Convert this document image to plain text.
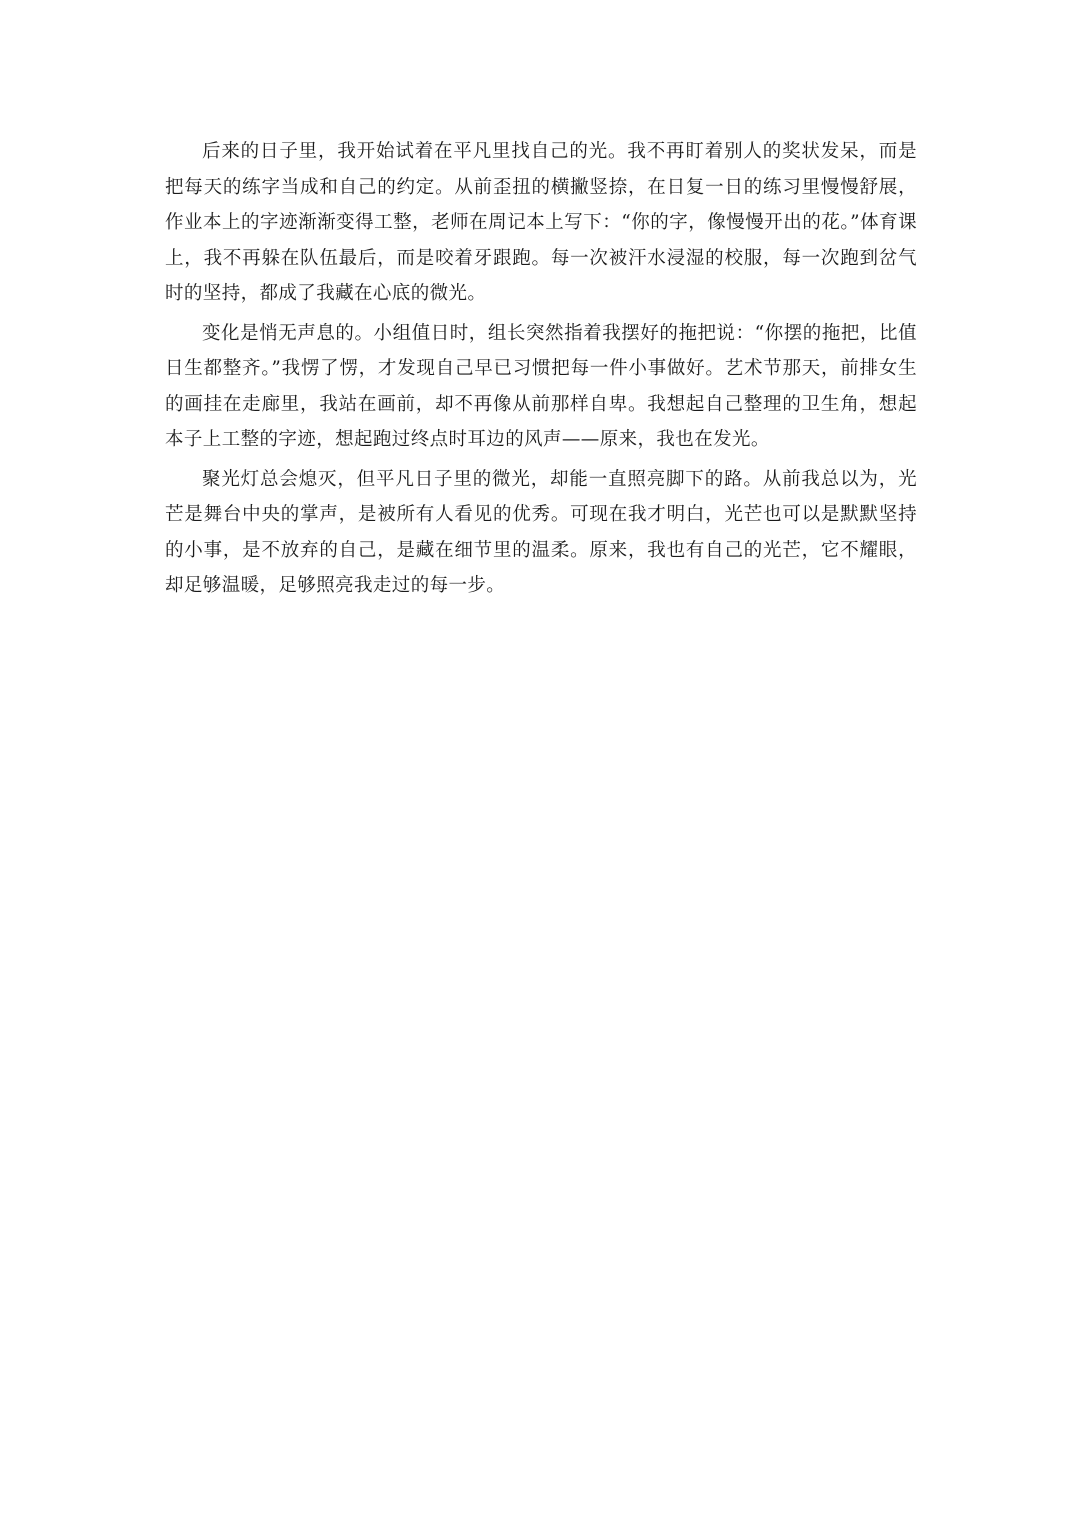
后来的日子里，我开始试着在平凡里找自己的光。我不再盯着别人的奖状发呆，而是把每天的练字当成和自己的约定。从前歪扭的横撇竖捺，在日复一日的练习里慢慢舒展，作业本上的字迹渐渐变得工整，老师在周记本上写下：“你的字，像慢慢开出的花。”体育课上，我不再躲在队伍最后，而是咬着牙跟跑。每一次被汗水浸湿的校服，每一次跑到岔气时的坚持，都成了我藏在心底的微光。

变化是悄无声息的。小组值日时，组长突然指着我摆好的拖把说：“你摆的拖把，比值日生都整齐。”我愣了愣，才发现自己早已习惯把每一件小事做好。艺术节那天，前排女生的画挂在走廊里，我站在画前，却不再像从前那样自卑。我想起自己整理的卫生角，想起本子上工整的字迹，想起跑过终点时耳边的风声——原来，我也在发光。

聚光灯总会熄灭，但平凡日子里的微光，却能一直照亮脚下的路。从前我总以为，光芒是舞台中央的掌声，是被所有人看见的优秀。可现在我才明白，光芒也可以是默默坚持的小事，是不放弃的自己，是藏在细节里的温柔。原来，我也有自己的光芒，它不耀眼，却足够温暖，足够照亮我走过的每一步。
